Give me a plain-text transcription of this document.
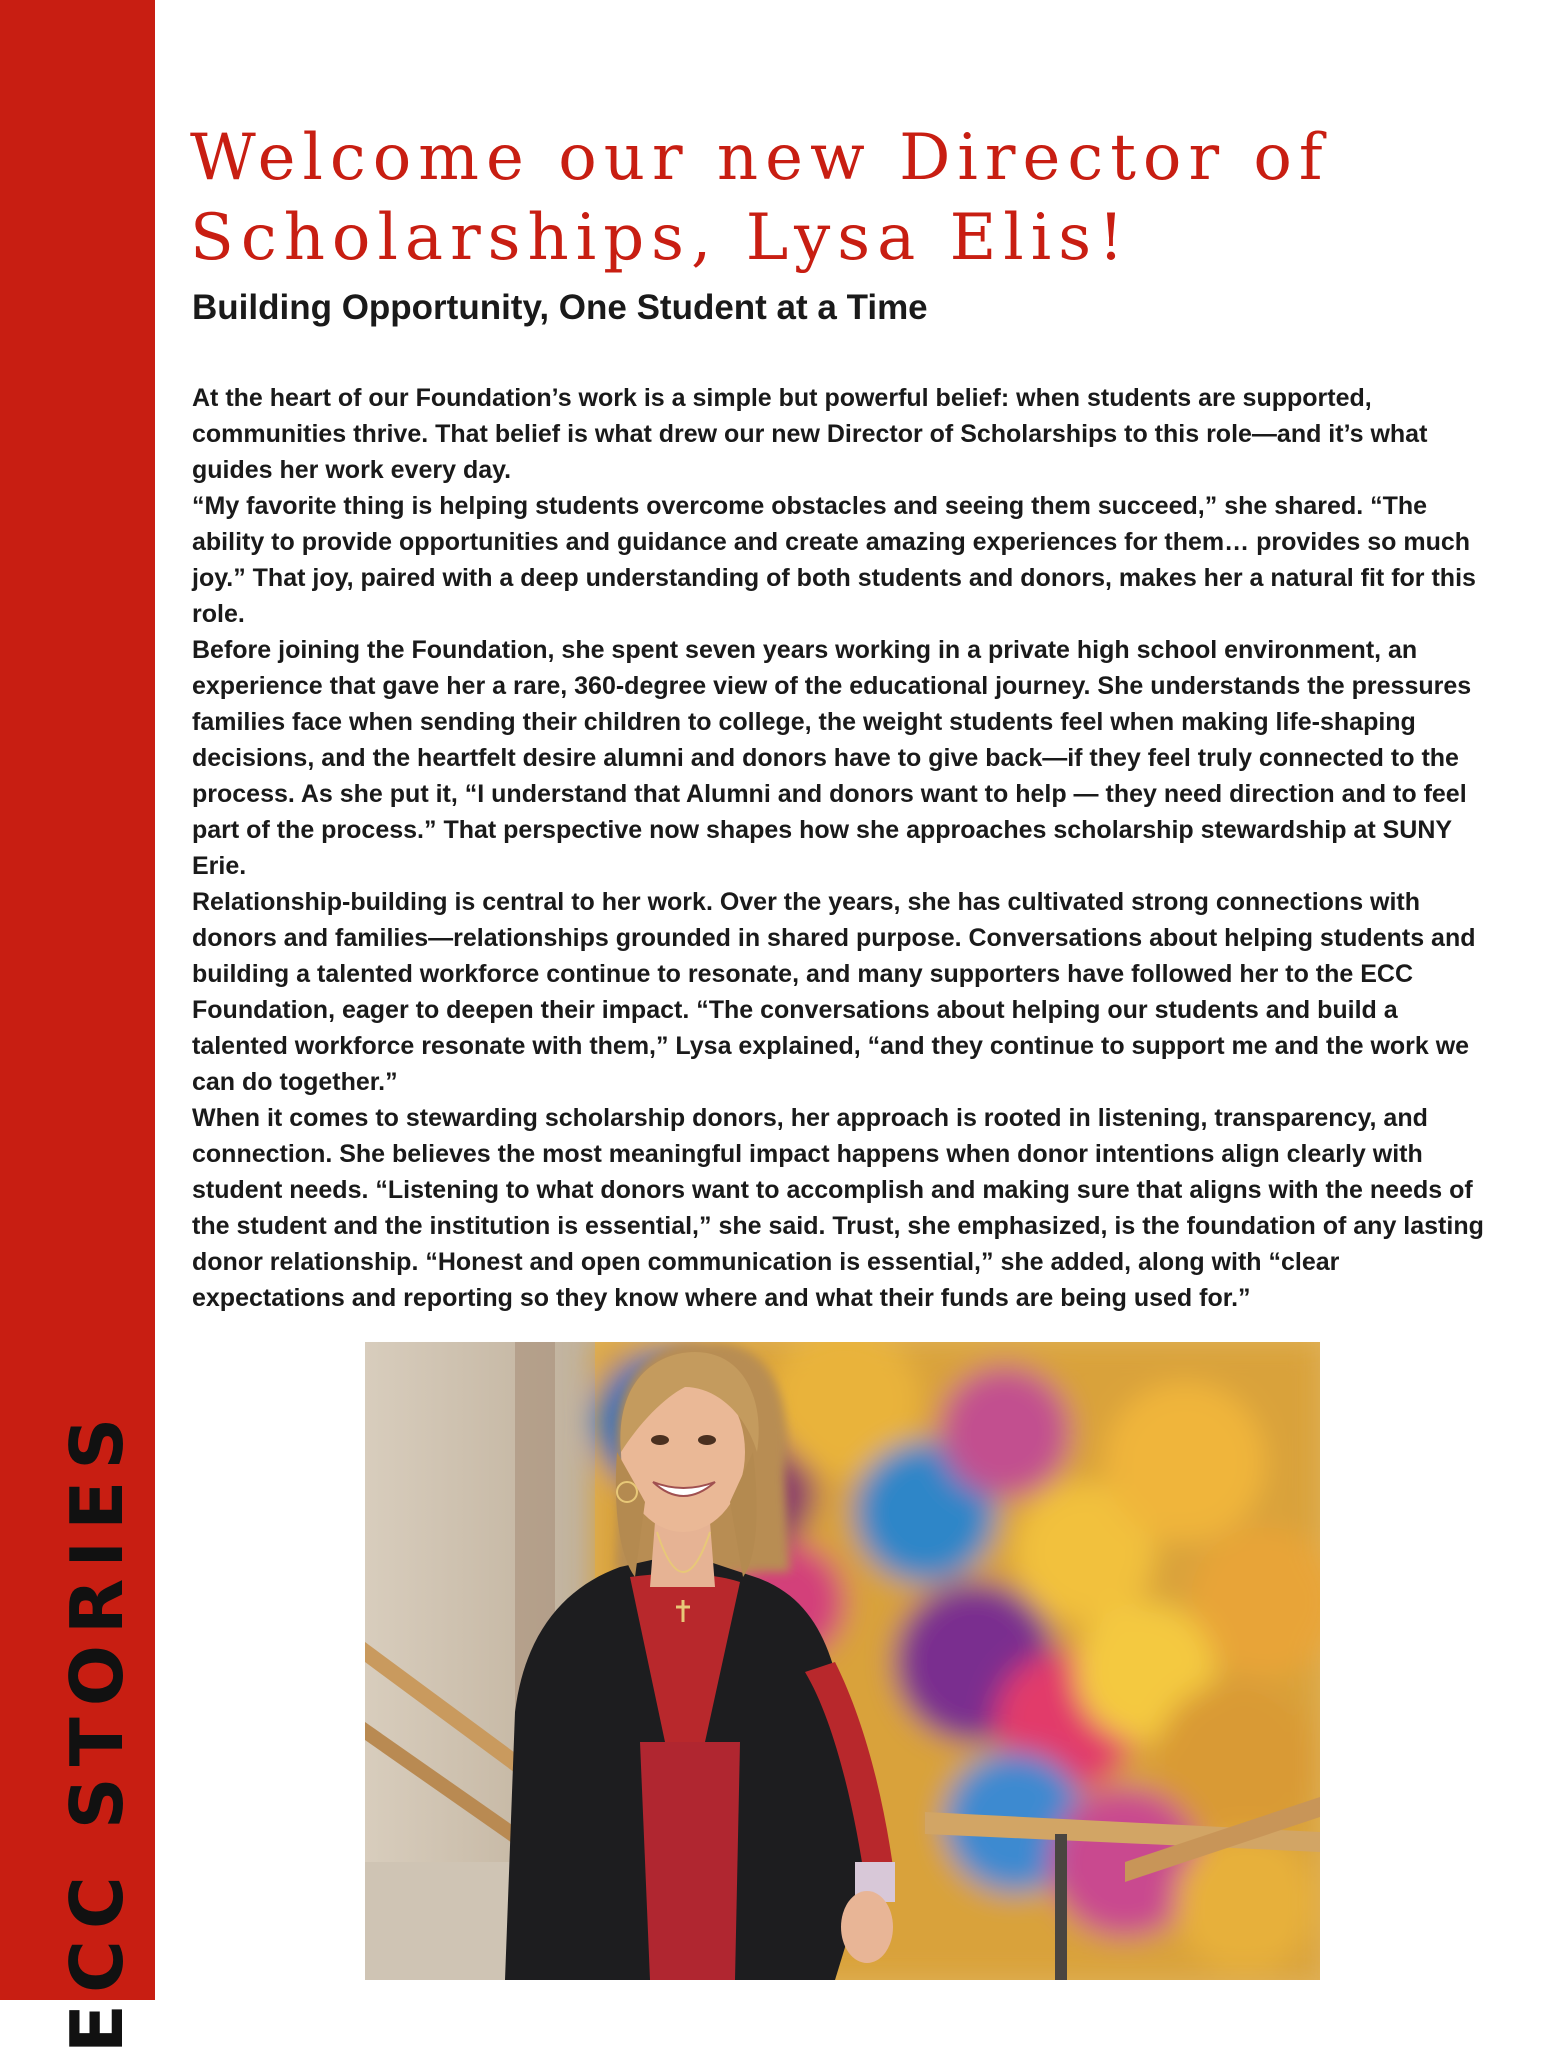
ECC STORIES
Welcome our new Director of Scholarships, Lysa Elis!
Building Opportunity, One Student at a Time

At the heart of our Foundation’s work is a simple but powerful belief: when students are supported, communities thrive. That belief is what drew our new Director of Scholarships to this role—and it’s what guides her work every day.

“My favorite thing is helping students overcome obstacles and seeing them succeed,” she shared. “The ability to provide opportunities and guidance and create amazing experiences for them… provides so much joy.” That joy, paired with a deep understanding of both students and donors, makes her a natural fit for this role.

Before joining the Foundation, she spent seven years working in a private high school environment, an experience that gave her a rare, 360-degree view of the educational journey. She understands the pressures families face when sending their children to college, the weight students feel when making life-shaping decisions, and the heartfelt desire alumni and donors have to give back—if they feel truly connected to the process. As she put it, “I understand that Alumni and donors want to help — they need direction and to feel part of the process.” That perspective now shapes how she approaches scholarship stewardship at SUNY Erie.

Relationship-building is central to her work. Over the years, she has cultivated strong connections with donors and families—relationships grounded in shared purpose. Conversations about helping students and building a talented workforce continue to resonate, and many supporters have followed her to the ECC Foundation, eager to deepen their impact. “The conversations about helping our students and build a talented workforce resonate with them,” Lysa explained, “and they continue to support me and the work we can do together.”

When it comes to stewarding scholarship donors, her approach is rooted in listening, transparency, and connection. She believes the most meaningful impact happens when donor intentions align clearly with student needs. “Listening to what donors want to accomplish and making sure that aligns with the needs of the student and the institution is essential,” she said. Trust, she emphasized, is the foundation of any lasting donor relationship. “Honest and open communication is essential,” she added, along with “clear expectations and reporting so they know where and what their funds are being used for.”
